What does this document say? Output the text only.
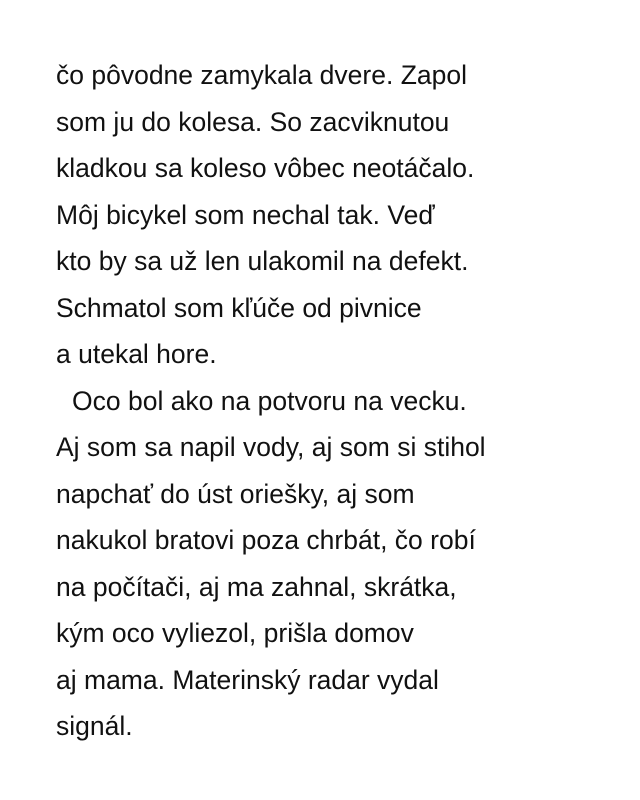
čo pôvodne zamykala dvere. Zapol
som ju do kolesa. So zacviknutou
kladkou sa koleso vôbec neotáčalo.
Môj bicykel som nechal tak. Veď
kto by sa už len ulakomil na defekt.
Schmatol som kľúče od pivnice
a utekal hore.
Oco bol ako na potvoru na vecku.
Aj som sa napil vody, aj som si stihol
napchať do úst oriešky, aj som
nakukol bratovi poza chrbát, čo robí
na počítači, aj ma zahnal, skrátka,
kým oco vyliezol, prišla domov
aj mama. Materinský radar vydal
signál.
